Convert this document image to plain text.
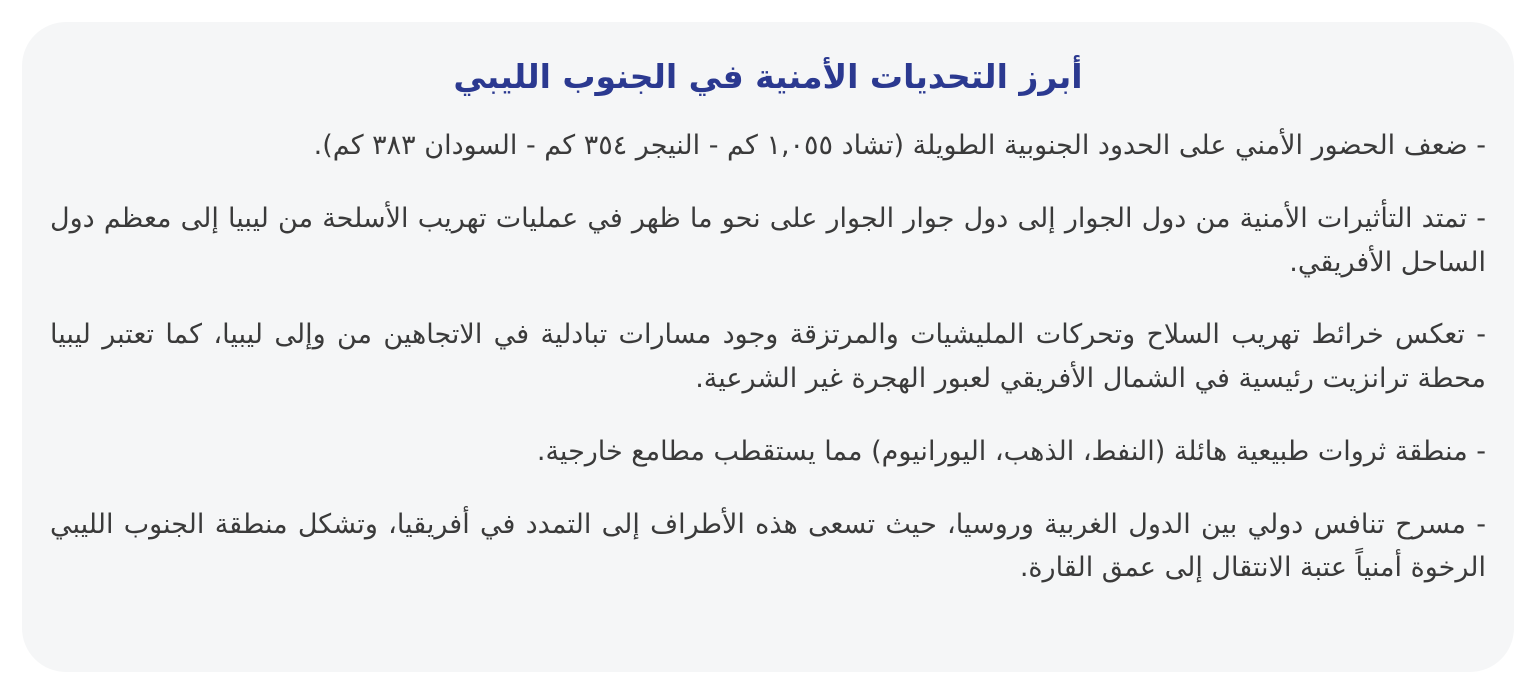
أبرز التحديات الأمنية في الجنوب الليبي

- ضعف الحضور الأمني على الحدود الجنوبية الطويلة (تشاد ١,٠٥٥ كم - النيجر ٣٥٤ كم - السودان ٣٨٣ كم).

- تمتد التأثيرات الأمنية من دول الجوار إلى دول جوار الجوار على نحو ما ظهر في عمليات تهريب الأسلحة من ليبيا إلى معظم دول الساحل الأفريقي.

- تعكس خرائط تهريب السلاح وتحركات المليشيات والمرتزقة وجود مسارات تبادلية في الاتجاهين من وإلى ليبيا، كما تعتبر ليبيا محطة ترانزيت رئيسية في الشمال الأفريقي لعبور الهجرة غير الشرعية.

- منطقة ثروات طبيعية هائلة (النفط، الذهب، اليورانيوم) مما يستقطب مطامع خارجية.

- مسرح تنافس دولي بين الدول الغربية وروسيا، حيث تسعى هذه الأطراف إلى التمدد في أفريقيا، وتشكل منطقة الجنوب الليبي الرخوة أمنياً عتبة الانتقال إلى عمق القارة.
